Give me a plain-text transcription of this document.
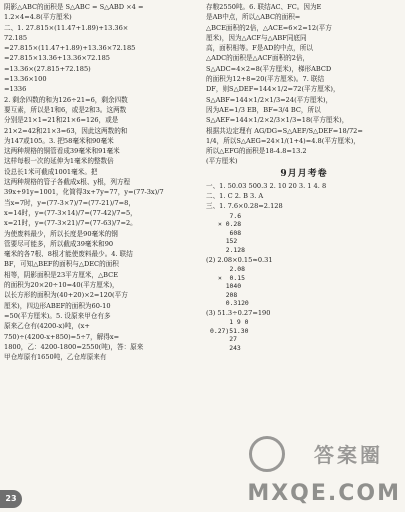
阴影△ABC的面积是 S△ABC = S△ABD ×4 =
1.2×4=4.8(平方厘米)
二、1. 27.815×(11.47+1.89)+13.36×
72.185
=27.815×(11.47+1.89)+13.36×72.185
=27.815×13.36+13.36×72.185
=13.36×(27.815+72.185)
=13.36×100
=1336
2. 剩余四数的和为126÷21=6，剩余四数
要互素，所以是1和6，或是2和3。这两数
分别是21×1=21和21×6=126，或是
21×2=42和21×3=63，因此这两数的和
为147或105。3. 把58毫米和90毫米
这两种规格的铜管看成39毫米和91毫米
这样每根一次的延伸为1毫米的整数倍
设总长1米可截成1001毫米。把
这两种规格的管子各截成x根、y根，列方程
39x+91y=1001，化简得3x+7y=77，y=(77-3x)/7
当x=7时，y=(77-3×7)/7=(77-21)/7=8，
x=14时，y=(77-3×14)/7=(77-42)/7=5，
x=21时，y=(77-3×21)/7=(77-63)/7=2。
为使废料最少，所以长度是90毫米的钢
管要尽可能多，所以截成39毫米和90
毫米的各7根、8根才能使废料最少。4. 联结
BF，可知△BEF的面积与△DEC的面积
相等，阴影面积是23平方厘米，△BCE
的面积为20×20÷10=40(平方厘米)，
以长方形的面积为(40+20)×2=120(平方
厘米)，四边形ABEF的面积为60-10
=50(平方厘米)。5. 设原来甲仓有多
原来乙仓有(4200-x)吨，(x+
750)÷(4200-x+850)=5÷7，解得x=
1800，乙：4200-1800=2550(吨)，答：原来
甲仓库原有1650吨，乙仓库原来有
存粮2550吨。6. 联结AC、FC。因为E
是AB中点，所以△ABC的面积=
△BCE面积的2倍，△ACE=6×2=12(平方
厘米)，因为△ACF与△ABF同底同
高，面积相等。F是AD的中点，所以
△ADC的面积是△ACF面积的2倍，
S△ADC=4×2=8(平方厘米)，梯形ABCD
的面积为12+8=20(平方厘米)。7. 联结
DF，则S△DEF=144×1/2=72(平方厘米)，
S△ABF=144×1/2×1/3=24(平方厘米)，
因为AE=1/3 EB，BF=3/4 BC，所以
S△AEF=144×1/2×2/3×1/3=18(平方厘米)，
根据共边定理有 AG/DG=S△AEF/S△DEF=18/72=
1/4，所以S△AEG=24×1/(1+4)=4.8(平方厘米)，
所以△EFG的面积是18-4.8=13.2
(平方厘米)
9月月考卷
一、1. 50.03 500.3 2. 10 20 3. 1 4. 8
二、1. C 2. B 3. A
三、1. 7.6×0.28=2.128
7.6
× 0.28
608
152
2.128
(2) 2.08×0.15≈0.31
2.08
×  0.15
1040
208
0.3120
(3) 51.3÷0.27=190
1 9 0
0.27)51.30
27
243
23
答案圈
MXQE.COM
